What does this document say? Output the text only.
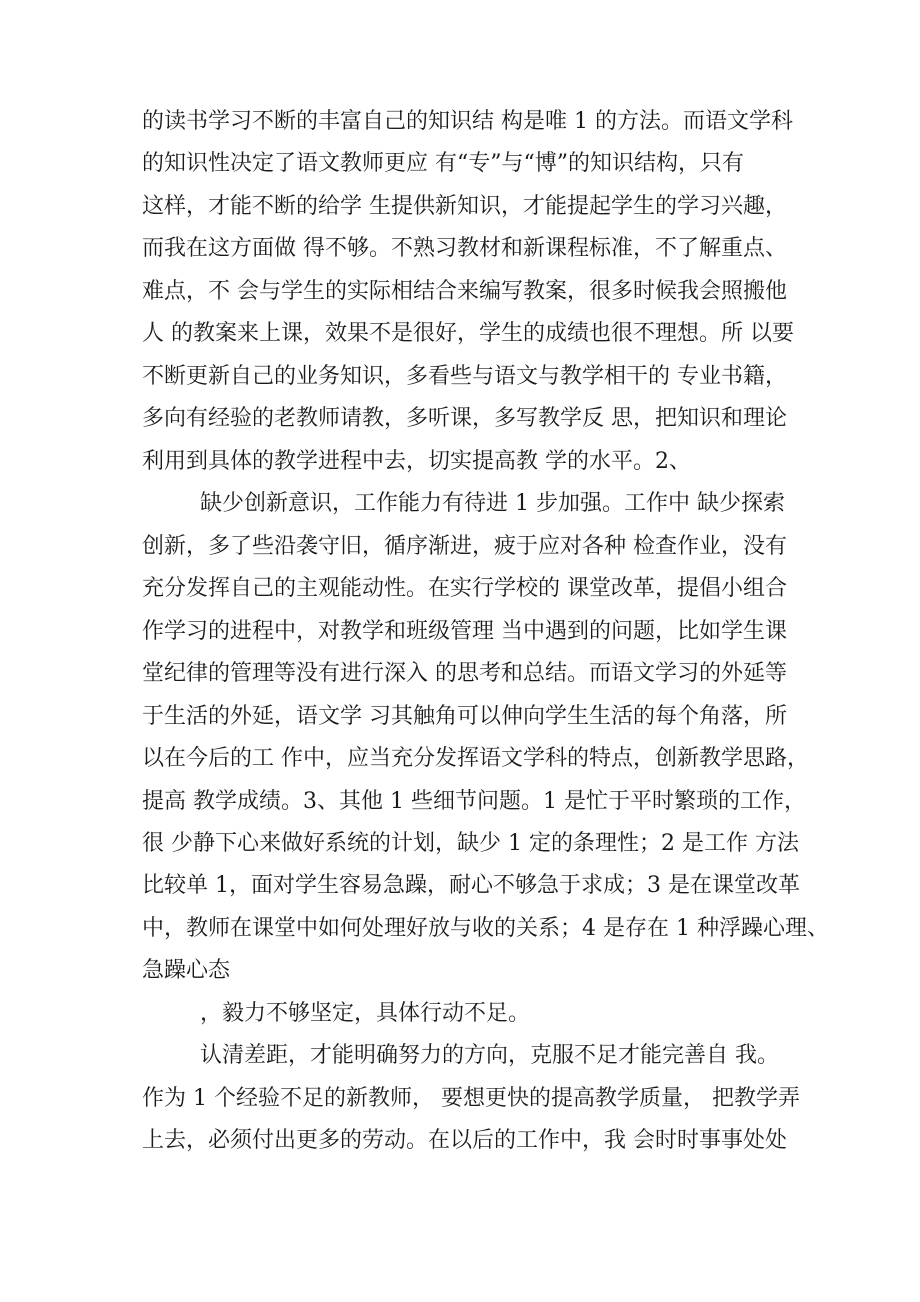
的读书学习不断的丰富自己的知识结 构是唯 1 的方法。而语文学科
的知识性决定了语文教师更应 有“专”与“博”的知识结构，只有
这样，才能不断的给学 生提供新知识，才能提起学生的学习兴趣，
而我在这方面做 得不够。不熟习教材和新课程标准，不了解重点、
难点，不 会与学生的实际相结合来编写教案，很多时候我会照搬他
人 的教案来上课，效果不是很好，学生的成绩也很不理想。所 以要
不断更新自己的业务知识，多看些与语文与教学相干的 专业书籍，
多向有经验的老教师请教，多听课，多写教学反 思，把知识和理论
利用到具体的教学进程中去，切实提高教 学的水平。2、
缺少创新意识，工作能力有待进 1 步加强。工作中 缺少探索
创新，多了些沿袭守旧，循序渐进，疲于应对各种 检查作业，没有
充分发挥自己的主观能动性。在实行学校的 课堂改革，提倡小组合
作学习的进程中，对教学和班级管理 当中遇到的问题，比如学生课
堂纪律的管理等没有进行深入 的思考和总结。而语文学习的外延等
于生活的外延，语文学 习其触角可以伸向学生生活的每个角落，所
以在今后的工 作中，应当充分发挥语文学科的特点，创新教学思路，
提高 教学成绩。3、其他 1 些细节问题。1 是忙于平时繁琐的工作，
很 少静下心来做好系统的计划，缺少 1 定的条理性；2 是工作 方法
比较单 1，面对学生容易急躁，耐心不够急于求成；3 是在课堂改革
中，教师在课堂中如何处理好放与收的关系；4 是存在 1 种浮躁心理、
急躁心态
，毅力不够坚定，具体行动不足。
认清差距，才能明确努力的方向，克服不足才能完善自 我。
作为 1 个经验不足的新教师， 要想更快的提高教学质量， 把教学弄
上去，必须付出更多的劳动。在以后的工作中，我 会时时事事处处
